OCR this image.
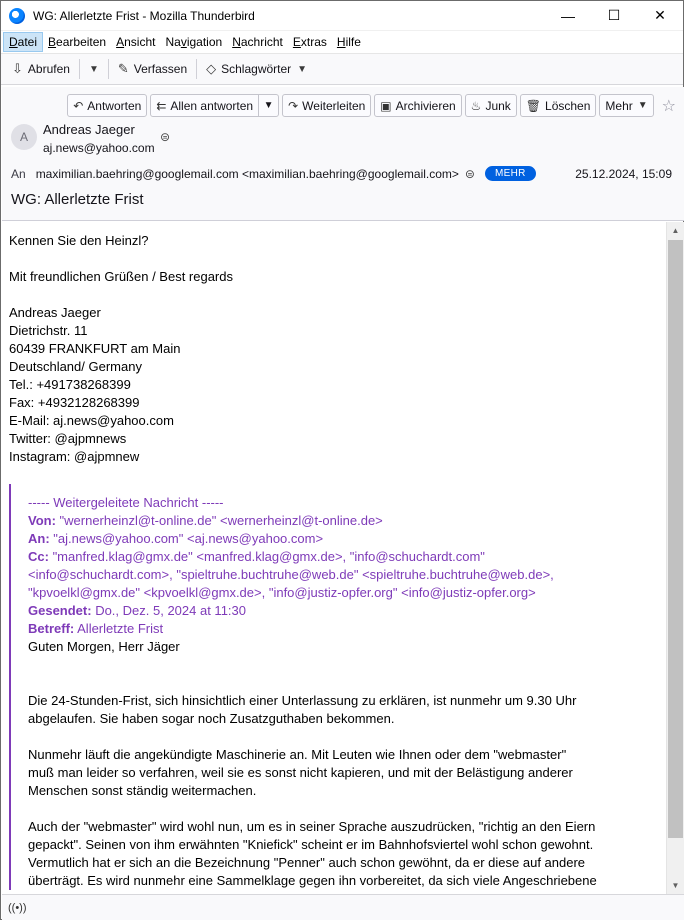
WG: Allerletzte Frist - Mozilla Thunderbird	—	☐	✕
Datei Bearbeiten Ansicht Navigation Nachricht Extras Hilfe
⇩ Abrufen ▼ ✎ Verfassen ◇ Schlagwörter ▼
↶ Antworten ⇇ Allen antworten	▼	↷ Weiterleiten ▣ Archivieren ♨ Junk 🗑 Löschen Mehr ▼ ☆
A	Andreas Jaeger
aj.news@yahoo.com
⊜
An maximilian.baehring@googlemail.com <maximilian.baehring@googlemail.com> ⊜	MEHR	25.12.2024, 15:09
WG: Allerletzte Frist
Kennen Sie den Heinzl?
Mit freundlichen Grüßen / Best regards
Andreas Jaeger
Dietrichstr. 11
60439 FRANKFURT am Main
Deutschland/ Germany
Tel.: +491738268399
Fax: +4932128268399
E-Mail: aj.news@yahoo.com
Twitter: @ajpmnews
Instagram: @ajpmnew
----- Weitergeleitete Nachricht -----
Von: "wernerheinzl@t-online.de" <wernerheinzl@t-online.de>
An: "aj.news@yahoo.com" <aj.news@yahoo.com>
Cc: "manfred.klag@gmx.de" <manfred.klag@gmx.de>, "info@schuchardt.com"
<info@schuchardt.com>, "spieltruhe.buchtruhe@web.de" <spieltruhe.buchtruhe@web.de>,
"kpvoelkl@gmx.de" <kpvoelkl@gmx.de>, "info@justiz-opfer.org" <info@justiz-opfer.org>
Gesendet: Do., Dez. 5, 2024 at 11:30
Betreff: Allerletzte Frist
Guten Morgen, Herr Jäger
Die 24-Stunden-Frist, sich hinsichtlich einer Unterlassung zu erklären, ist nunmehr um 9.30 Uhr
abgelaufen. Sie haben sogar noch Zusatzguthaben bekommen.
Nunmehr läuft die angekündigte Maschinerie an. Mit Leuten wie Ihnen oder dem "webmaster"
muß man leider so verfahren, weil sie es sonst nicht kapieren, und mit der Belästigung anderer
Menschen sonst ständig weitermachen.
Auch der "webmaster" wird wohl nun, um es in seiner Sprache auszudrücken, "richtig an den Eiern
gepackt". Seinen von ihm erwähnten "Kniefick" scheint er im Bahnhofsviertel wohl schon gewohnt.
Vermutlich hat er sich an die Bezeichnung "Penner" auch schon gewöhnt, da er diese auf andere
überträgt. Es wird nunmehr eine Sammelklage gegen ihn vorbereitet, da sich viele Angeschriebene
▲
▼
((•))
